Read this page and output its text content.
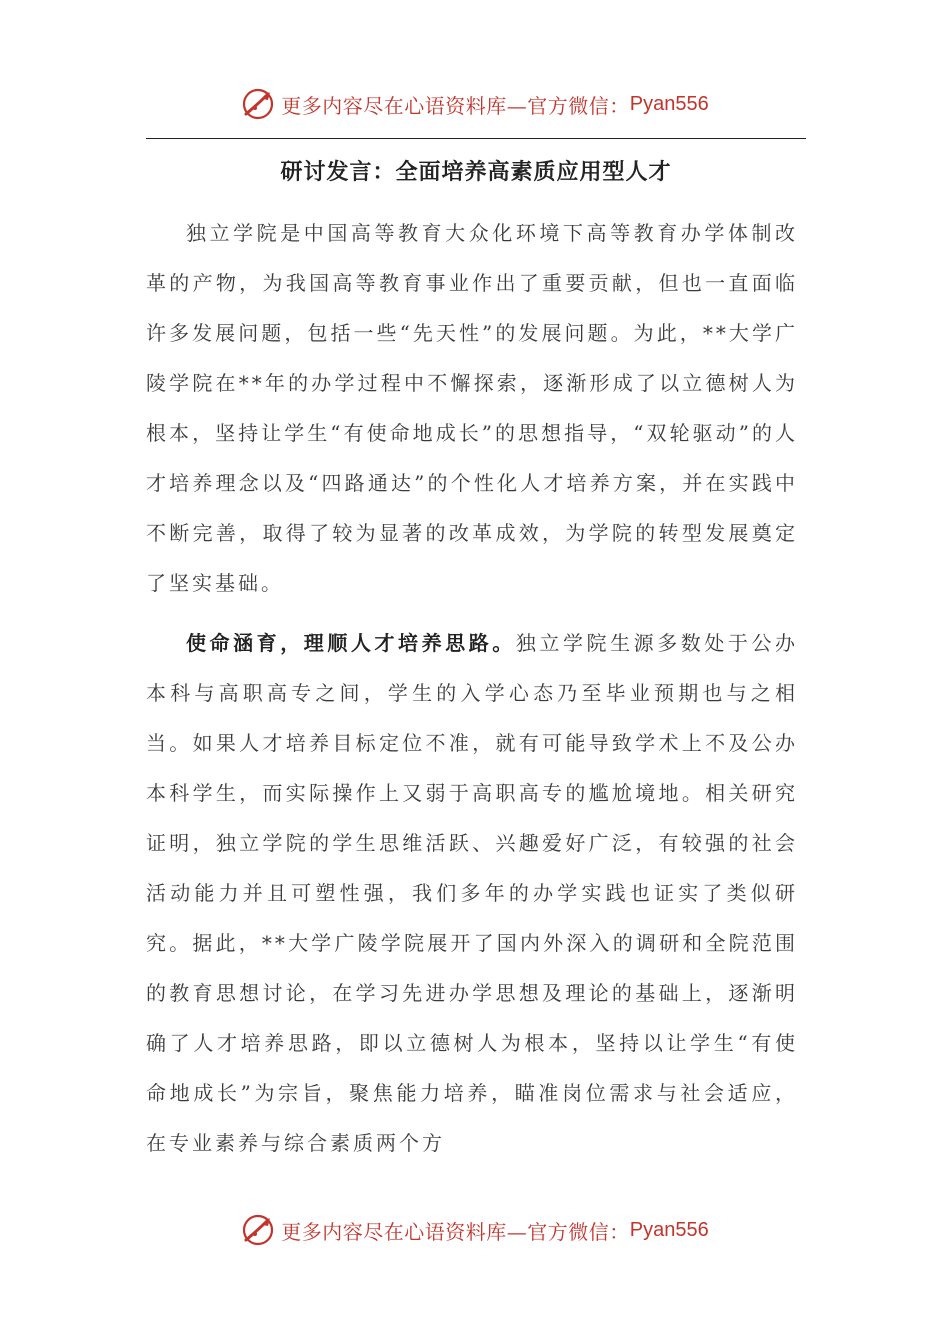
更多内容尽在心语资料库—官方微信： Pyan556
研讨发言：全面培养高素质应用型人才

独立学院是中国高等教育大众化环境下高等教育办学体制改革的产物，为我国高等教育事业作出了重要贡献，但也一直面临许多发展问题，包括一些“先天性”的发展问题。为此，**大学广陵学院在**年的办学过程中不懈探索，逐渐形成了以立德树人为根本，坚持让学生“有使命地成长”的思想指导，“双轮驱动”的人才培养理念以及“四路通达”的个性化人才培养方案，并在实践中不断完善，取得了较为显著的改革成效，为学院的转型发展奠定了坚实基础。

使命涵育，理顺人才培养思路。独立学院生源多数处于公办本科与高职高专之间，学生的入学心态乃至毕业预期也与之相当。如果人才培养目标定位不准，就有可能导致学术上不及公办本科学生，而实际操作上又弱于高职高专的尴尬境地。相关研究证明，独立学院的学生思维活跃、兴趣爱好广泛，有较强的社会活动能力并且可塑性强，我们多年的办学实践也证实了类似研究。据此，**大学广陵学院展开了国内外深入的调研和全院范围的教育思想讨论，在学习先进办学思想及理论的基础上，逐渐明确了人才培养思路，即以立德树人为根本，坚持以让学生“有使命地成长”为宗旨，聚焦能力培养，瞄准岗位需求与社会适应，在专业素养与综合素质两个方

更多内容尽在心语资料库—官方微信： Pyan556
